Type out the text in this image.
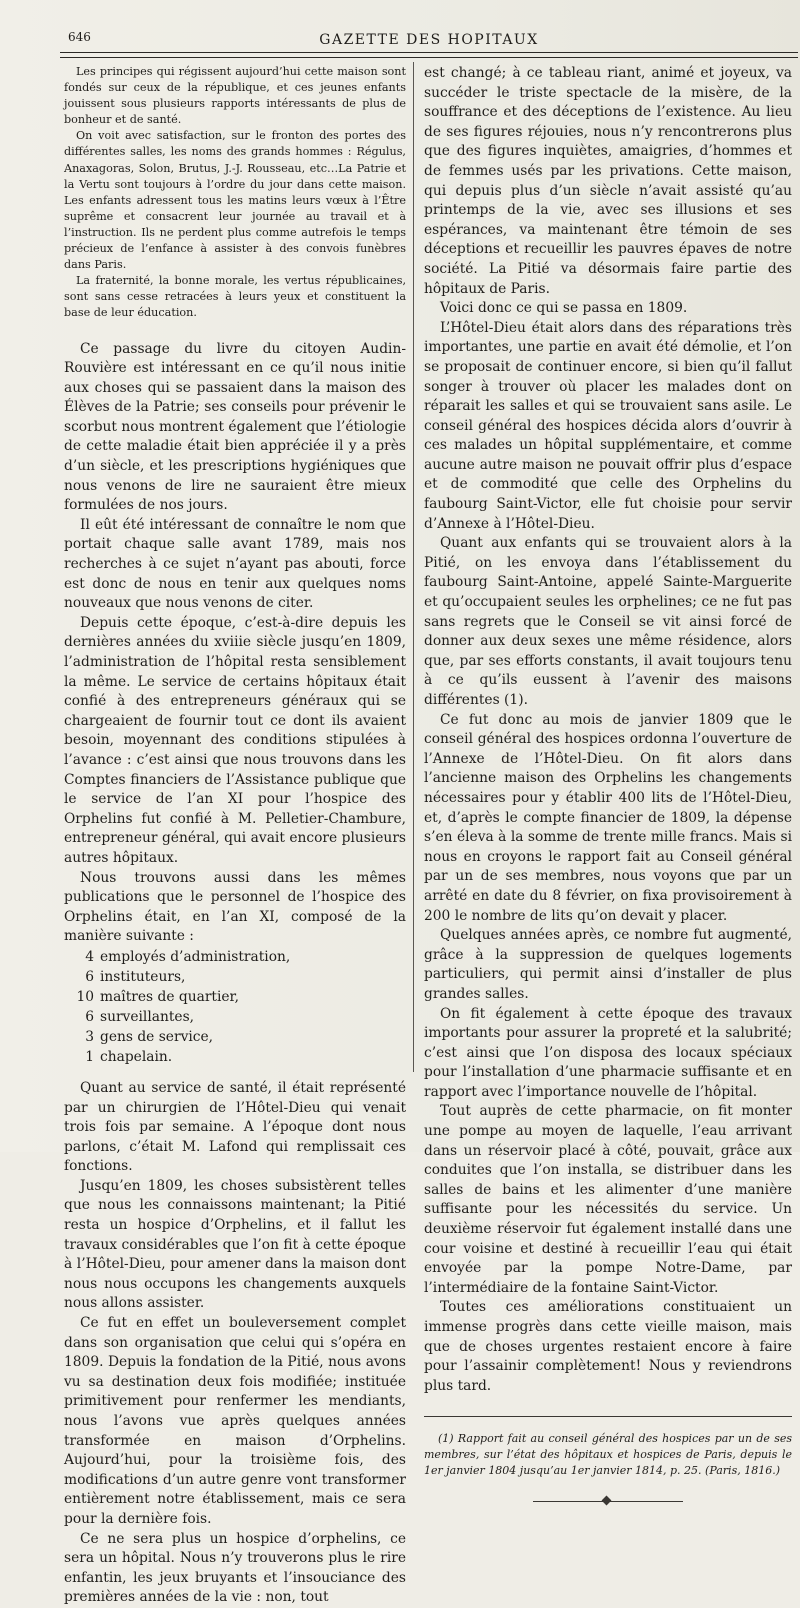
646	GAZETTE DES HOPITAUX

Les principes qui régissent aujourd’hui cette maison sont fondés sur ceux de la république, et ces jeunes enfants jouissent sous plusieurs rapports intéressants de plus de bonheur et de santé.

On voit avec satisfaction, sur le fronton des portes des différentes salles, les noms des grands hommes : Régulus, Anaxagoras, Solon, Brutus, J.-J. Rousseau, etc…La Patrie et la Vertu sont toujours à l’ordre du jour dans cette maison. Les enfants adressent tous les matins leurs vœux à l’Être suprême et consacrent leur journée au travail et à l’instruction. Ils ne perdent plus comme autrefois le temps précieux de l’enfance à assister à des convois funèbres dans Paris.

La fraternité, la bonne morale, les vertus républicaines, sont sans cesse retracées à leurs yeux et constituent la base de leur éducation.

Ce passage du livre du citoyen Audin-Rouvière est intéressant en ce qu’il nous initie aux choses qui se passaient dans la maison des Élèves de la Patrie; ses conseils pour prévenir le scorbut nous montrent également que l’étiologie de cette maladie était bien appréciée il y a près d’un siècle, et les prescriptions hygiéniques que nous venons de lire ne sauraient être mieux formulées de nos jours.

Il eût été intéressant de connaître le nom que portait chaque salle avant 1789, mais nos recherches à ce sujet n’ayant pas abouti, force est donc de nous en tenir aux quelques noms nouveaux que nous venons de citer.

Depuis cette époque, c’est-à-dire depuis les dernières années du xviiie siècle jusqu’en 1809, l’administration de l’hôpital resta sensiblement la même. Le service de certains hôpitaux était confié à des entrepreneurs généraux qui se chargeaient de fournir tout ce dont ils avaient besoin, moyennant des conditions stipulées à l’avance : c’est ainsi que nous trouvons dans les Comptes financiers de l’Assistance publique que le service de l’an XI pour l’hospice des Orphelins fut confié à M. Pelletier-Chambure, entrepreneur général, qui avait encore plusieurs autres hôpitaux.

Nous trouvons aussi dans les mêmes publications que le personnel de l’hospice des Orphelins était, en l’an XI, composé de la manière suivante :

4 employés d’administration,
6 instituteurs,
10 maîtres de quartier,
6 surveillantes,
3 gens de service,
1 chapelain.

Quant au service de santé, il était représenté par un chirurgien de l’Hôtel-Dieu qui venait trois fois par semaine. A l’époque dont nous parlons, c’était M. Lafond qui remplissait ces fonctions.

Jusqu’en 1809, les choses subsistèrent telles que nous les connaissons maintenant; la Pitié resta un hospice d’Orphelins, et il fallut les travaux considérables que l’on fit à cette époque à l’Hôtel-Dieu, pour amener dans la maison dont nous nous occupons les changements auxquels nous allons assister.

Ce fut en effet un bouleversement complet dans son organisation que celui qui s’opéra en 1809. Depuis la fondation de la Pitié, nous avons vu sa destination deux fois modifiée; instituée primitivement pour renfermer les mendiants, nous l’avons vue après quelques années transformée en maison d’Orphelins. Aujourd’hui, pour la troisième fois, des modifications d’un autre genre vont transformer entièrement notre établissement, mais ce sera pour la dernière fois.

Ce ne sera plus un hospice d’orphelins, ce sera un hôpital. Nous n’y trouverons plus le rire enfantin, les jeux bruyants et l’insouciance des premières années de la vie : non, tout

est changé; à ce tableau riant, animé et joyeux, va succéder le triste spectacle de la misère, de la souffrance et des déceptions de l’existence. Au lieu de ses figures réjouies, nous n’y rencontrerons plus que des figures inquiètes, amaigries, d’hommes et de femmes usés par les privations. Cette maison, qui depuis plus d’un siècle n’avait assisté qu’au printemps de la vie, avec ses illusions et ses espérances, va maintenant être témoin de ses déceptions et recueillir les pauvres épaves de notre société. La Pitié va désormais faire partie des hôpitaux de Paris.

Voici donc ce qui se passa en 1809.

L’Hôtel-Dieu était alors dans des réparations très importantes, une partie en avait été démolie, et l’on se proposait de continuer encore, si bien qu’il fallut songer à trouver où placer les malades dont on réparait les salles et qui se trouvaient sans asile. Le conseil général des hospices décida alors d’ouvrir à ces malades un hôpital supplémentaire, et comme aucune autre maison ne pouvait offrir plus d’espace et de commodité que celle des Orphelins du faubourg Saint-Victor, elle fut choisie pour servir d’Annexe à l’Hôtel-Dieu.

Quant aux enfants qui se trouvaient alors à la Pitié, on les envoya dans l’établissement du faubourg Saint-Antoine, appelé Sainte-Marguerite et qu’occupaient seules les orphelines; ce ne fut pas sans regrets que le Conseil se vit ainsi forcé de donner aux deux sexes une même résidence, alors que, par ses efforts constants, il avait toujours tenu à ce qu’ils eussent à l’avenir des maisons différentes (1).

Ce fut donc au mois de janvier 1809 que le conseil général des hospices ordonna l’ouverture de l’Annexe de l’Hôtel-Dieu. On fit alors dans l’ancienne maison des Orphelins les changements nécessaires pour y établir 400 lits de l’Hôtel-Dieu, et, d’après le compte financier de 1809, la dépense s’en éleva à la somme de trente mille francs. Mais si nous en croyons le rapport fait au Conseil général par un de ses membres, nous voyons que par un arrêté en date du 8 février, on fixa provisoirement à 200 le nombre de lits qu’on devait y placer.

Quelques années après, ce nombre fut augmenté, grâce à la suppression de quelques logements particuliers, qui permit ainsi d’installer de plus grandes salles.

On fit également à cette époque des travaux importants pour assurer la propreté et la salubrité; c’est ainsi que l’on disposa des locaux spéciaux pour l’installation d’une pharmacie suffisante et en rapport avec l’importance nouvelle de l’hôpital.

Tout auprès de cette pharmacie, on fit monter une pompe au moyen de laquelle, l’eau arrivant dans un réservoir placé à côté, pouvait, grâce aux conduites que l’on installa, se distribuer dans les salles de bains et les alimenter d’une manière suffisante pour les nécessités du service. Un deuxième réservoir fut également installé dans une cour voisine et destiné à recueillir l’eau qui était envoyée par la pompe Notre-Dame, par l’intermédiaire de la fontaine Saint-Victor.

Toutes ces améliorations constituaient un immense progrès dans cette vieille maison, mais que de choses urgentes restaient encore à faire pour l’assainir complètement! Nous y reviendrons plus tard.

(1) Rapport fait au conseil général des hospices par un de ses membres, sur l’état des hôpitaux et hospices de Paris, depuis le 1er janvier 1804 jusqu’au 1er janvier 1814, p. 25. (Paris, 1816.)
